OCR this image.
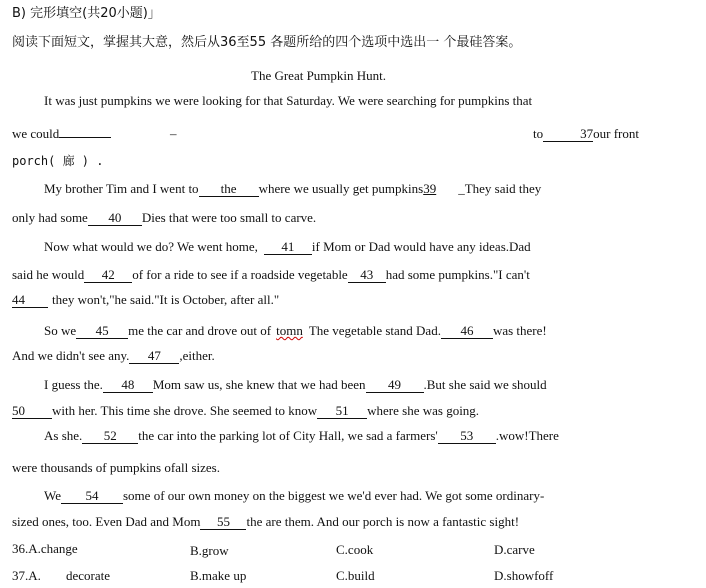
B) 完形填空(共20小题)」
阅读下面短文，掌握其大意，然后从36至55 各题所给的四个选项中选出一 个最硅答案。
The Great Pumpkin Hunt.
It was just pumpkins we were looking for that Saturday. We were searching for pumpkins that
we could	–	to	37our front
porch( 廊 ) .
My brother Tim and I went to the where we usually get pumpkins39 _They said they
only had some 40 Dies that were too small to carve.
Now what would we do? We went home, 41 if Mom or Dad would have any ideas.Dad
said he would 42 of for a ride to see if a roadside vegetable 43 had some pumpkins."I can't
44 they won't,"he said."It is October, after all."
So we 45 me the car and drove out of tomn The vegetable stand Dad. 46 was there!
And we didn't see any. 47 ,either.
I guess the. 48 Mom saw us, she knew that we had been 49 .But she said we should
50 with her. This time she drove. She seemed to know 51 where she was going.
As she. 52 the car into the parking lot of City Hall, we sad a farmers' 53 .wow!There
were thousands of pumpkins ofall sizes.
We 54 some of our own money on the biggest we we'd ever had. We got some ordinary-
sized ones, too. Even Dad and Mom 55 the are them. And our porch is now a fantastic sight!
36.A.change	B.grow	C.cook	D.carve
37.A. decorate	B.make up	C.build	D.showfoff
